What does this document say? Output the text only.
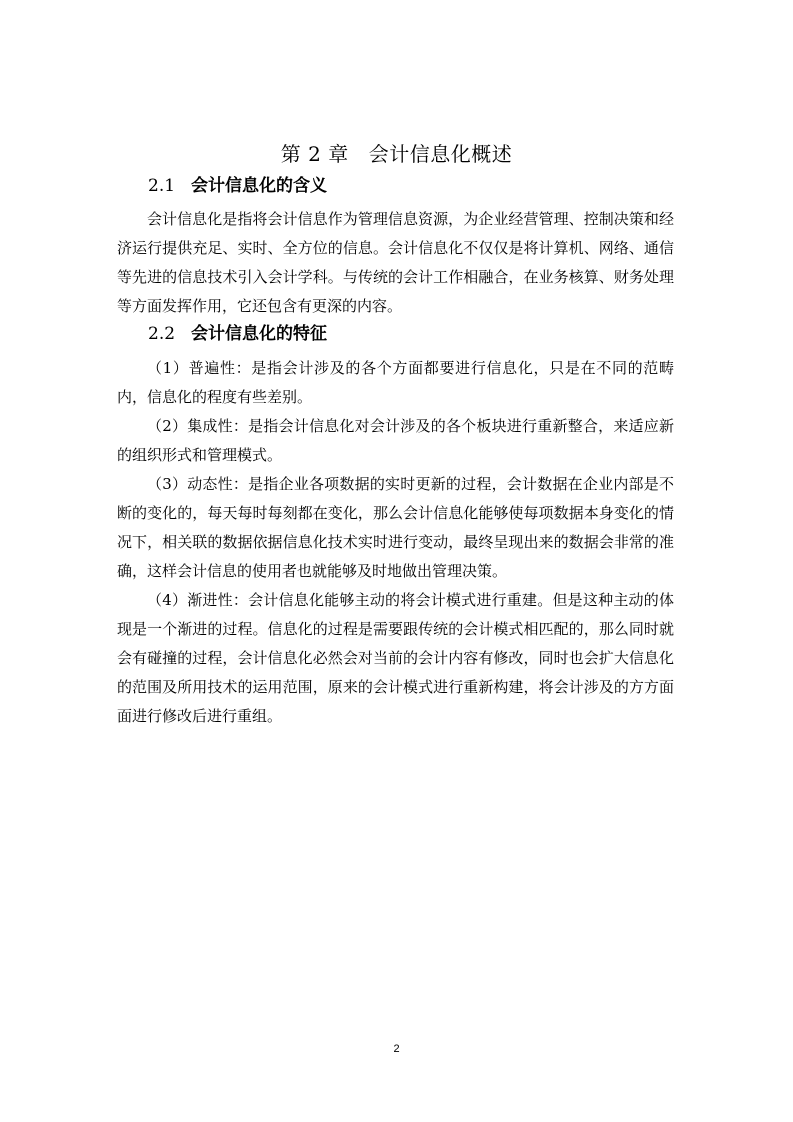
第 2 章 会计信息化概述
2.1 会计信息化的含义

会计信息化是指将会计信息作为管理信息资源，为企业经营管理、控制决策和经济运行提供充足、实时、全方位的信息。会计信息化不仅仅是将计算机、网络、通信等先进的信息技术引入会计学科。与传统的会计工作相融合，在业务核算、财务处理等方面发挥作用，它还包含有更深的内容。

2.2 会计信息化的特征

（1）普遍性：是指会计涉及的各个方面都要进行信息化，只是在不同的范畴内，信息化的程度有些差别。

（2）集成性：是指会计信息化对会计涉及的各个板块进行重新整合，来适应新的组织形式和管理模式。

（3）动态性：是指企业各项数据的实时更新的过程，会计数据在企业内部是不断的变化的，每天每时每刻都在变化，那么会计信息化能够使每项数据本身变化的情况下，相关联的数据依据信息化技术实时进行变动，最终呈现出来的数据会非常的准确，这样会计信息的使用者也就能够及时地做出管理决策。

（4）渐进性：会计信息化能够主动的将会计模式进行重建。但是这种主动的体现是一个渐进的过程。信息化的过程是需要跟传统的会计模式相匹配的，那么同时就会有碰撞的过程，会计信息化必然会对当前的会计内容有修改，同时也会扩大信息化的范围及所用技术的运用范围，原来的会计模式进行重新构建，将会计涉及的方方面面进行修改后进行重组。

2
